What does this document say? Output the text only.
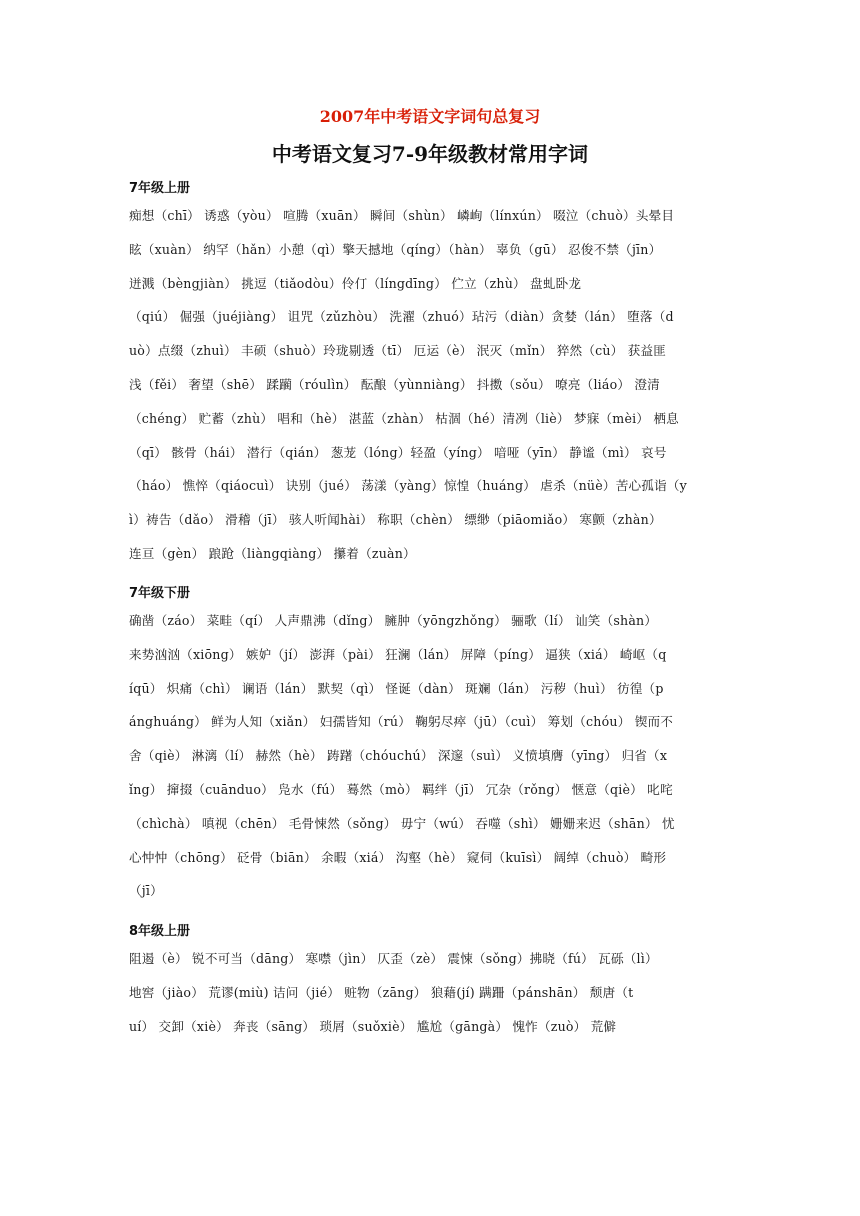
2007年中考语文字词句总复习
中考语文复习7-9年级教材常用字词
7年级上册
痴想（chī） 诱惑（yòu） 喧腾（xuān） 瞬间（shùn） 嶙峋（línxún） 啜泣（chuò）头晕目
眩（xuàn） 纳罕（hǎn）小憩（qì）擎天撼地（qíng）（hàn） 辜负（gū） 忍俊不禁（jīn）
迸溅（bèngjiàn） 挑逗（tiǎodòu）伶仃（língdīng） 伫立（zhù） 盘虬卧龙
（qiú） 倔强（juéjiàng） 诅咒（zǔzhòu） 洗濯（zhuó）玷污（diàn）贪婪（lán） 堕落（d
uò）点缀（zhuì） 丰硕（shuò）玲珑剔透（tī） 厄运（è） 泯灭（mǐn） 猝然（cù） 获益匪
浅（fěi） 奢望（shē） 蹂躏（róulìn） 酝酿（yùnniàng） 抖擞（sǒu） 嘹亮（liáo） 澄清
（chéng） 贮蓄（zhù） 唱和（hè） 湛蓝（zhàn） 枯涸（hé）清冽（liè） 梦寐（mèi） 栖息
（qī） 骸骨（hái） 潜行（qián） 葱茏（lóng）轻盈（yíng） 喑哑（yīn） 静谧（mì） 哀号
（háo） 憔悴（qiáocuì） 诀别（jué） 荡漾（yàng）惊惶（huáng） 虐杀（nüè）苦心孤诣（y
ì）祷告（dǎo） 滑稽（jī） 骇人听闻hài） 称职（chèn） 缥缈（piāomiǎo） 寒颤（zhàn）
连亘（gèn） 踉跄（liàngqiàng） 攥着（zuàn）
7年级下册
确凿（záo） 菜畦（qí） 人声鼎沸（dǐng） 臃肿（yōngzhǒng） 骊歌（lí） 讪笑（shàn）
来势汹汹（xiōng） 嫉妒（jí） 澎湃（pài） 狂澜（lán） 屏障（píng） 逼狭（xiá） 崎岖（q
íqū） 炽痛（chì） 谰语（lán） 默契（qì） 怪诞（dàn） 斑斓（lán） 污秽（huì） 彷徨（p
ánghuáng） 鲜为人知（xiǎn） 妇孺皆知（rú） 鞠躬尽瘁（jū）（cuì） 筹划（chóu） 锲而不
舍（qiè） 淋漓（lí） 赫然（hè） 踌躇（chóuchú） 深邃（suì） 义愤填膺（yīng） 归省（x
ǐng） 撺掇（cuānduo） 凫水（fú） 蓦然（mò） 羁绊（jī） 冗杂（rǒng） 惬意（qiè） 叱咤
（chìchà） 嗔视（chēn） 毛骨悚然（sǒng） 毋宁（wú） 吞噬（shì） 姗姗来迟（shān） 忧
心忡忡（chōng） 砭骨（biān） 余暇（xiá） 沟壑（hè） 窥伺（kuīsì） 阔绰（chuò） 畸形
（jī）
8年级上册
阻遏（è） 锐不可当（dāng） 寒噤（jìn） 仄歪（zè） 震悚（sǒng）拂晓（fú） 瓦砾（lì）
地窖（jiào） 荒谬(miù) 诘问（jié） 赃物（zāng） 狼藉(jí) 蹒跚（pánshān） 颓唐（t
uí） 交卸（xiè） 奔丧（sāng） 琐屑（suǒxiè） 尴尬（gāngà） 愧怍（zuò） 荒僻
